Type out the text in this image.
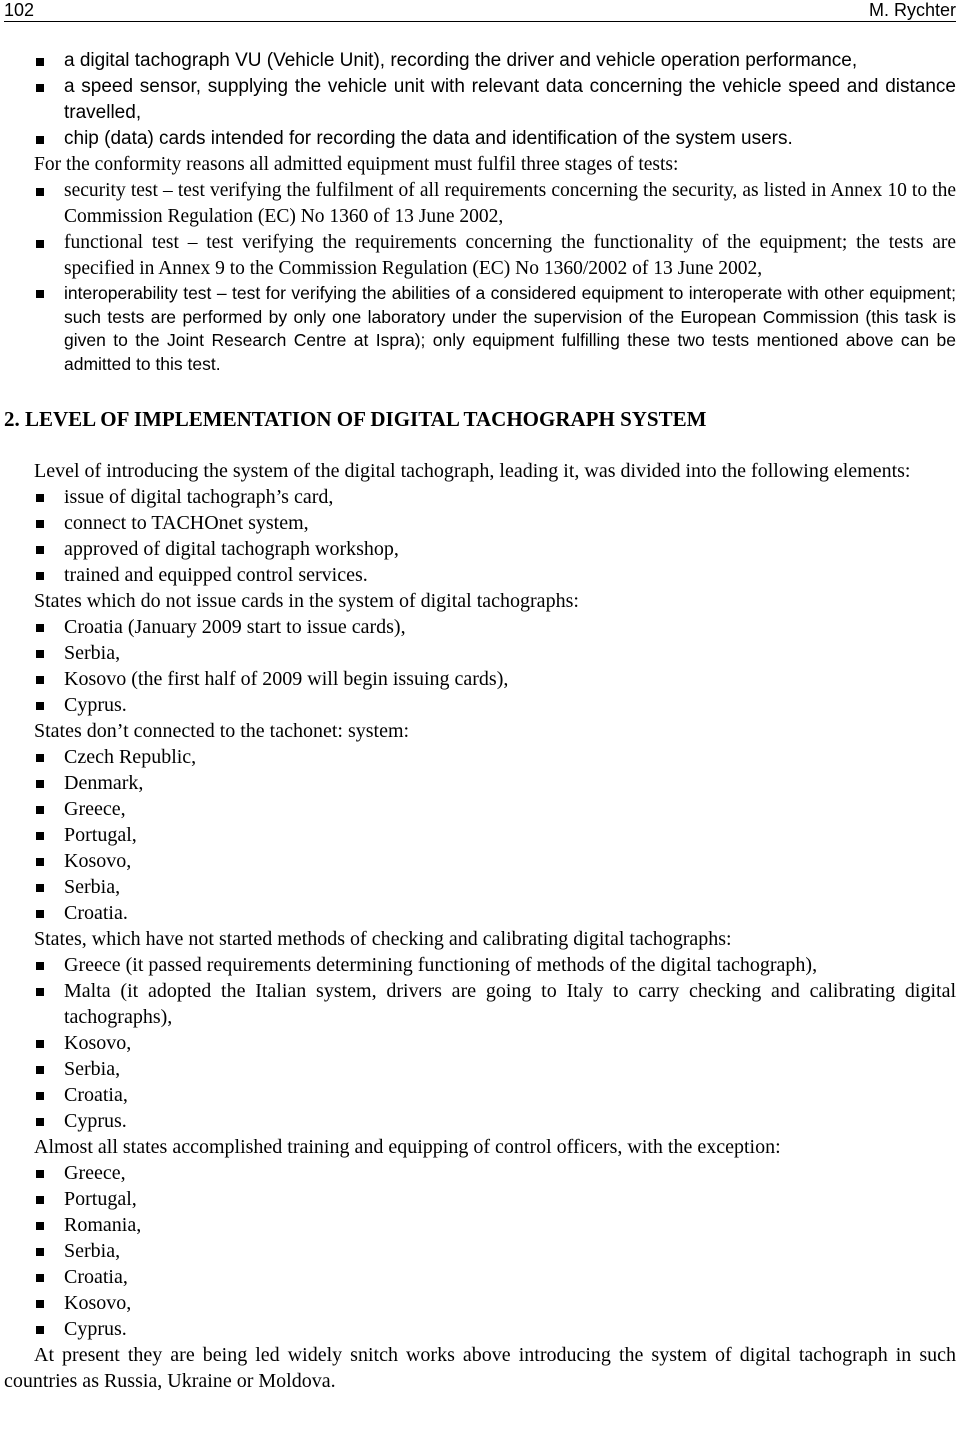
102	M. Rychter
a digital tachograph VU (Vehicle Unit), recording the driver and vehicle operation performance,
a speed sensor, supplying the vehicle unit with relevant data concerning the vehicle speed and distance travelled,
chip (data) cards intended for recording the data and identification of the system users.

For the conformity reasons all admitted equipment must fulfil three stages of tests:

security test – test verifying the fulfilment of all requirements concerning the security, as listed in Annex 10 to the Commission Regulation (EC) No 1360 of 13 June 2002,
functional test – test verifying the requirements concerning the functionality of the equipment; the tests are specified in Annex 9 to the Commission Regulation (EC) No 1360/2002 of 13 June 2002,
interoperability test – test for verifying the abilities of a considered equipment to interoperate with other equipment; such tests are performed by only one laboratory under the supervision of the European Commission (this task is given to the Joint Research Centre at Ispra); only equipment fulfilling these two tests mentioned above can be admitted to this test.

2. LEVEL OF IMPLEMENTATION OF DIGITAL TACHOGRAPH SYSTEM

Level of introducing the system of the digital tachograph, leading it, was divided into the following elements:

issue of digital tachograph’s card,
connect to TACHOnet system,
approved of digital tachograph workshop,
trained and equipped control services.

States which do not issue cards in the system of digital tachographs:

Croatia (January 2009 start to issue cards),
Serbia,
Kosovo (the first half of 2009 will begin issuing cards),
Cyprus.

States don’t connected to the tachonet: system:

Czech Republic,
Denmark,
Greece,
Portugal,
Kosovo,
Serbia,
Croatia.

States, which have not started methods of checking and calibrating digital tachographs:

Greece (it passed requirements determining functioning of methods of the digital tachograph),
Malta (it adopted the Italian system, drivers are going to Italy to carry checking and calibrating digital tachographs),
Kosovo,
Serbia,
Croatia,
Cyprus.

Almost all states accomplished training and equipping of control officers, with the exception:

Greece,
Portugal,
Romania,
Serbia,
Croatia,
Kosovo,
Cyprus.

At present they are being led widely snitch works above introducing the system of digital tachograph in such countries as Russia, Ukraine or Moldova.
